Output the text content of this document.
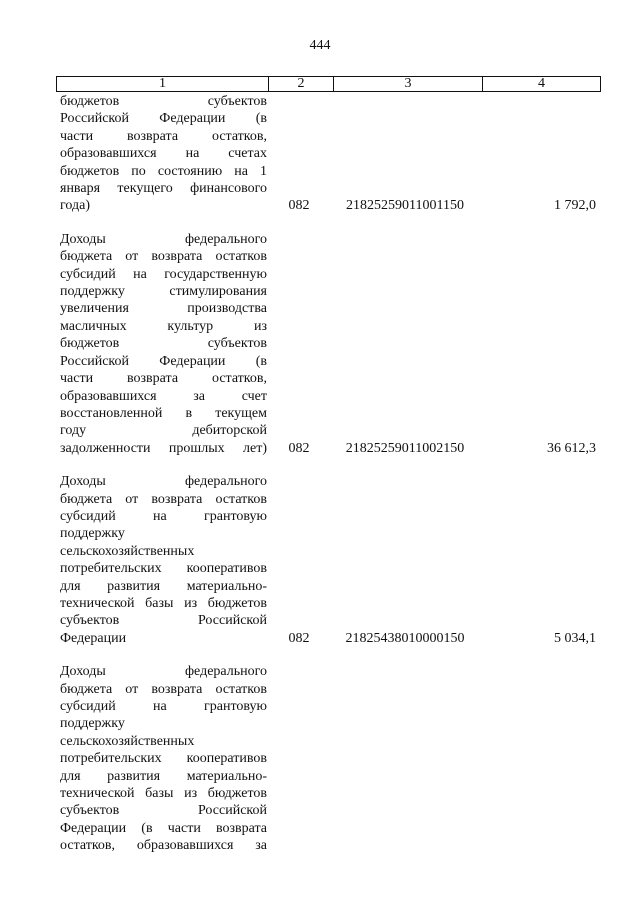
444
1	2	3	4
бюджетов субъектов
Российской Федерации (в
части возврата остатков,
образовавшихся на счетах
бюджетов по состоянию на 1
января текущего финансового
года)	082	21825259011001150	1 792,0
Доходы федерального
бюджета от возврата остатков
субсидий на государственную
поддержку стимулирования
увеличения производства
масличных культур из
бюджетов субъектов
Российской Федерации (в
части возврата остатков,
образовавшихся за счет
восстановленной в текущем
году дебиторской
задолженности прошлых лет)	082	21825259011002150	36 612,3
Доходы федерального
бюджета от возврата остатков
субсидий на грантовую
поддержку
сельскохозяйственных
потребительских кооперативов
для развития материально-
технической базы из бюджетов
субъектов Российской
Федерации	082	21825438010000150	5 034,1
Доходы федерального
бюджета от возврата остатков
субсидий на грантовую
поддержку
сельскохозяйственных
потребительских кооперативов
для развития материально-
технической базы из бюджетов
субъектов Российской
Федерации (в части возврата
остатков, образовавшихся за
